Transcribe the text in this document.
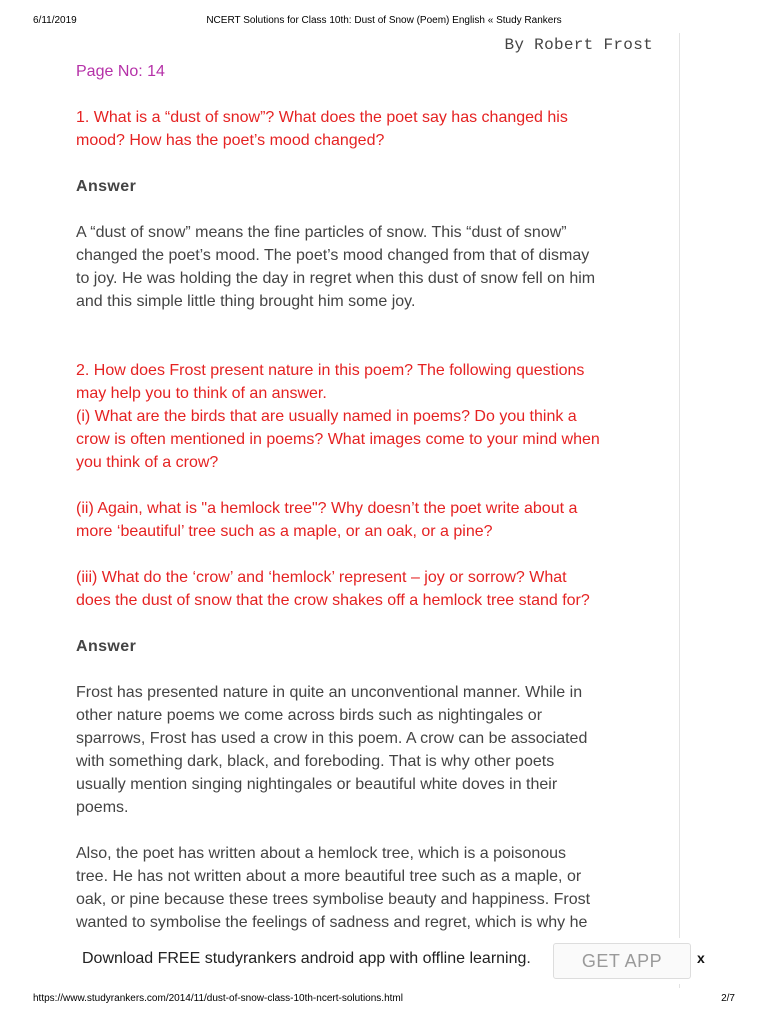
6/11/2019	NCERT Solutions for Class 10th: Dust of Snow (Poem) English « Study Rankers
By Robert Frost

Page No: 14

1. What is a “dust of snow”? What does the poet say has changed his

mood? How has the poet’s mood changed?

Answer

A “dust of snow” means the fine particles of snow. This “dust of snow”

changed the poet’s mood. The poet’s mood changed from that of dismay

to joy. He was holding the day in regret when this dust of snow fell on him

and this simple little thing brought him some joy.

2. How does Frost present nature in this poem? The following questions

may help you to think of an answer.

(i) What are the birds that are usually named in poems? Do you think a

crow is often mentioned in poems? What images come to your mind when

you think of a crow?

(ii) Again, what is "a hemlock tree"? Why doesn’t the poet write about a

more ‘beautiful’ tree such as a maple, or an oak, or a pine?

(iii) What do the ‘crow’ and ‘hemlock’ represent – joy or sorrow? What

does the dust of snow that the crow shakes off a hemlock tree stand for?

Answer

Frost has presented nature in quite an unconventional manner. While in

other nature poems we come across birds such as nightingales or

sparrows, Frost has used a crow in this poem. A crow can be associated

with something dark, black, and foreboding. That is why other poets

usually mention singing nightingales or beautiful white doves in their

poems.

Also, the poet has written about a hemlock tree, which is a poisonous

tree. He has not written about a more beautiful tree such as a maple, or

oak, or pine because these trees symbolise beauty and happiness. Frost

wanted to symbolise the feelings of sadness and regret, which is why he

Download FREE studyrankers android app with offline learning.	GET APP	x
https://www.studyrankers.com/2014/11/dust-of-snow-class-10th-ncert-solutions.html	2/7
